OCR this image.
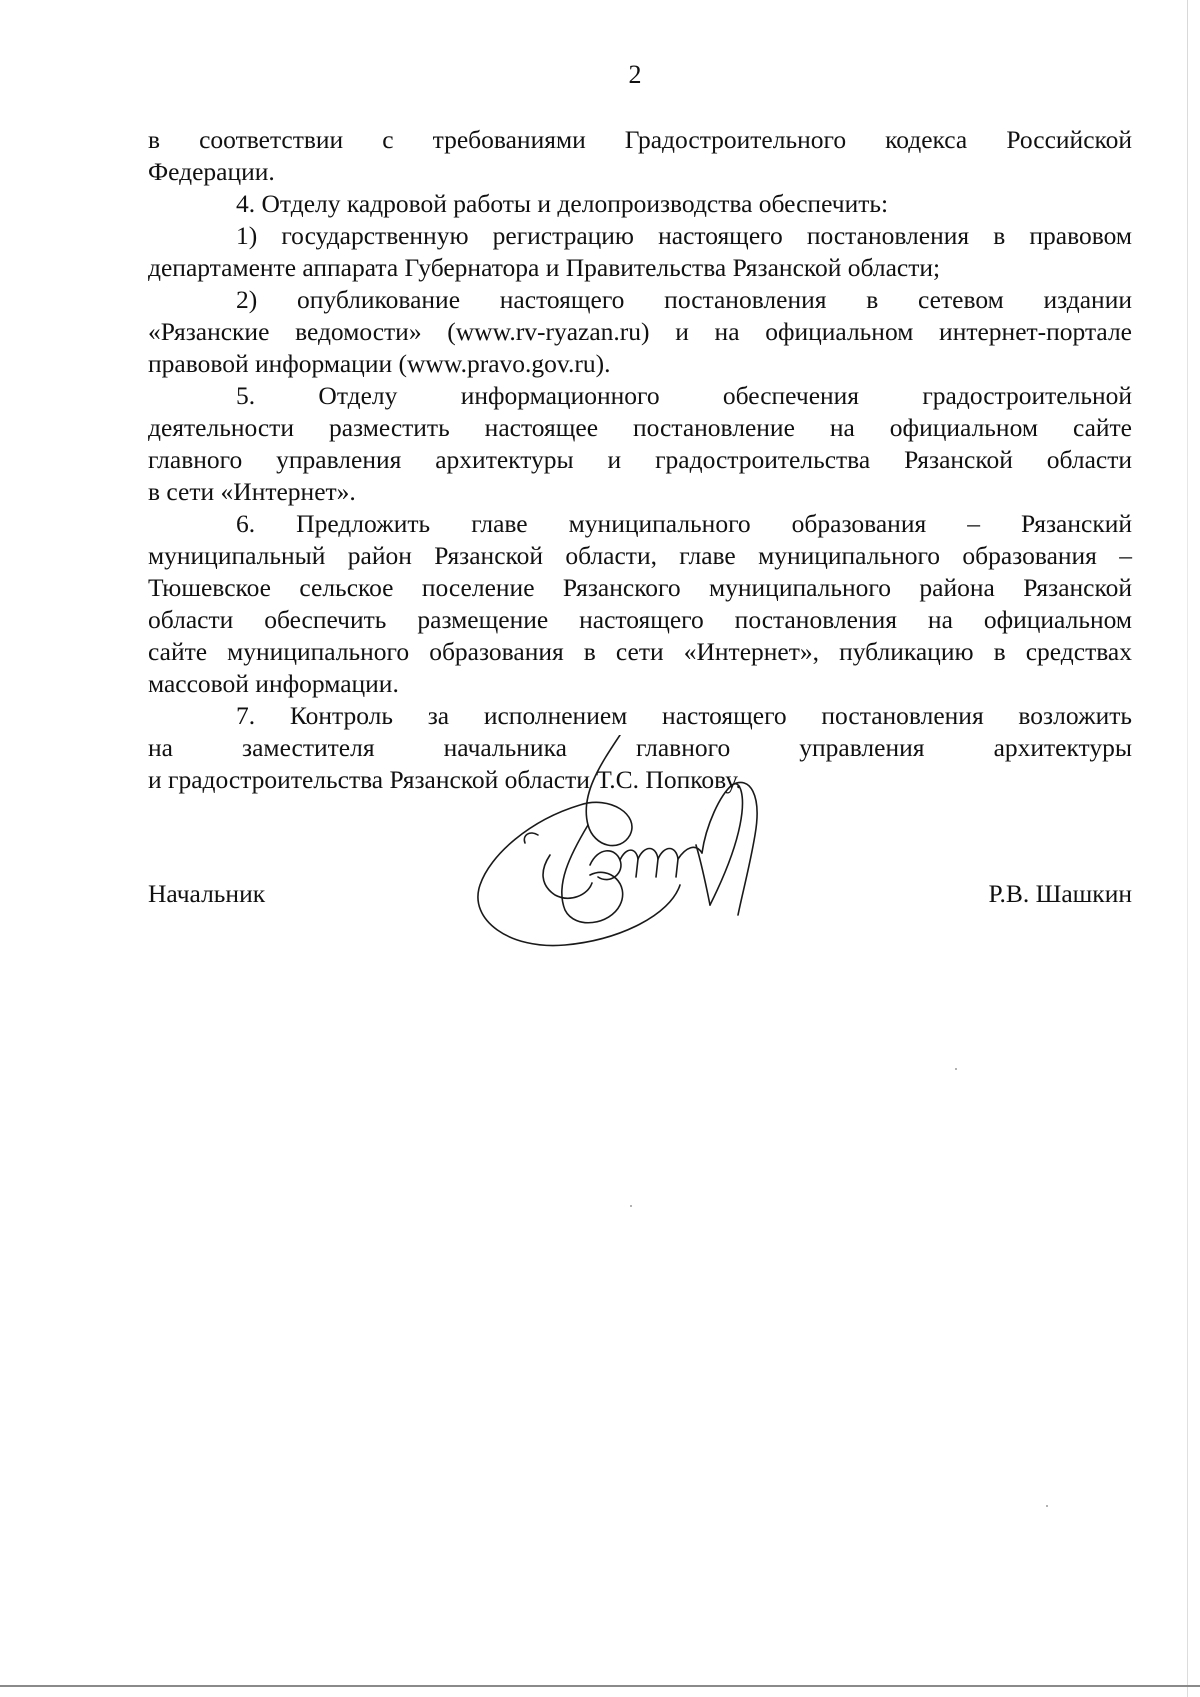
2
в соответствии с требованиями Градостроительного кодекса Российской
Федерации.
4. Отделу кадровой работы и делопроизводства обеспечить:
1) государственную регистрацию настоящего постановления в правовом
департаменте аппарата Губернатора и Правительства Рязанской области;
2) опубликование настоящего постановления в сетевом издании
«Рязанские ведомости» (www.rv-ryazan.ru) и на официальном интернет-портале
правовой информации (www.pravo.gov.ru).
5. Отделу информационного обеспечения градостроительной
деятельности разместить настоящее постановление на официальном сайте
главного управления архитектуры и градостроительства Рязанской области
в сети «Интернет».
6. Предложить главе муниципального образования – Рязанский
муниципальный район Рязанской области, главе муниципального образования –
Тюшевское сельское поселение Рязанского муниципального района Рязанской
области обеспечить размещение настоящего постановления на официальном
сайте муниципального образования в сети «Интернет», публикацию в средствах
массовой информации.
7. Контроль за исполнением настоящего постановления возложить
на заместителя начальника главного управления архитектуры
и градостроительства Рязанской области Т.С. Попкову.
Начальник	Р.В. Шашкин
